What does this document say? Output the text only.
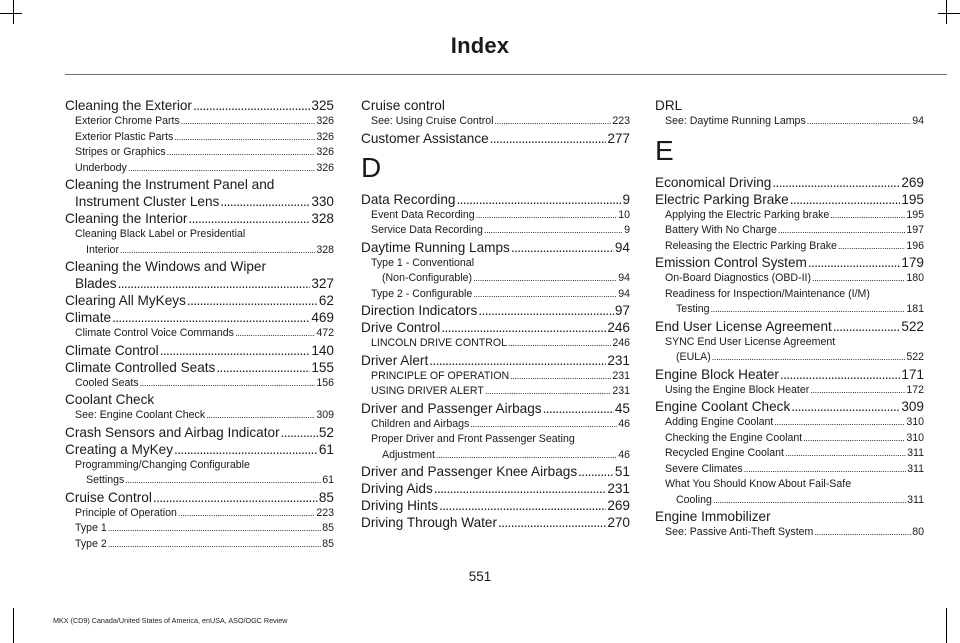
Index
Cleaning the Exterior .....	325
Exterior Chrome Parts .....	326
Exterior Plastic Parts .....	326
Stripes or Graphics .....	326
Underbody .....	326
Cleaning the Instrument Panel and
Instrument Cluster Lens .....	330
Cleaning the Interior .....	328
Cleaning Black Label or Presidential
Interior .....	328
Cleaning the Windows and Wiper
Blades .....	327
Clearing All MyKeys .....	62
Climate .....	469
Climate Control Voice Commands .....	472
Climate Control .....	140
Climate Controlled Seats .....	155
Cooled Seats .....	156
Coolant Check
See: Engine Coolant Check .....	309
Crash Sensors and Airbag Indicator .....	52
Creating a MyKey .....	61
Programming/Changing Configurable
Settings .....	61
Cruise Control .....	85
Principle of Operation .....	223
Type 1 .....	85
Type 2 .....	85
Cruise control
See: Using Cruise Control .....	223
Customer Assistance .....	277
D
Data Recording .....	9
Event Data Recording .....	10
Service Data Recording .....	9
Daytime Running Lamps .....	94
Type 1 - Conventional
(Non-Configurable) .....	94
Type 2 - Configurable .....	94
Direction Indicators .....	97
Drive Control .....	246
LINCOLN DRIVE CONTROL .....	246
Driver Alert .....	231
PRINCIPLE OF OPERATION .....	231
USING DRIVER ALERT .....	231
Driver and Passenger Airbags .....	45
Children and Airbags .....	46
Proper Driver and Front Passenger Seating
Adjustment .....	46
Driver and Passenger Knee Airbags .....	51
Driving Aids .....	231
Driving Hints .....	269
Driving Through Water .....	270
DRL
See: Daytime Running Lamps .....	94
E
Economical Driving .....	269
Electric Parking Brake .....	195
Applying the Electric Parking brake .....	195
Battery With No Charge .....	197
Releasing the Electric Parking Brake .....	196
Emission Control System .....	179
On-Board Diagnostics (OBD-II) .....	180
Readiness for Inspection/Maintenance (I/M)
Testing .....	181
End User License Agreement .....	522
SYNC End User License Agreement
(EULA) .....	522
Engine Block Heater .....	171
Using the Engine Block Heater .....	172
Engine Coolant Check .....	309
Adding Engine Coolant .....	310
Checking the Engine Coolant .....	310
Recycled Engine Coolant .....	311
Severe Climates .....	311
What You Should Know About Fail-Safe
Cooling .....	311
Engine Immobilizer
See: Passive Anti-Theft System .....	80
551
MKX (CD9) Canada/United States of America, enUSA, ASO/OGC Review
